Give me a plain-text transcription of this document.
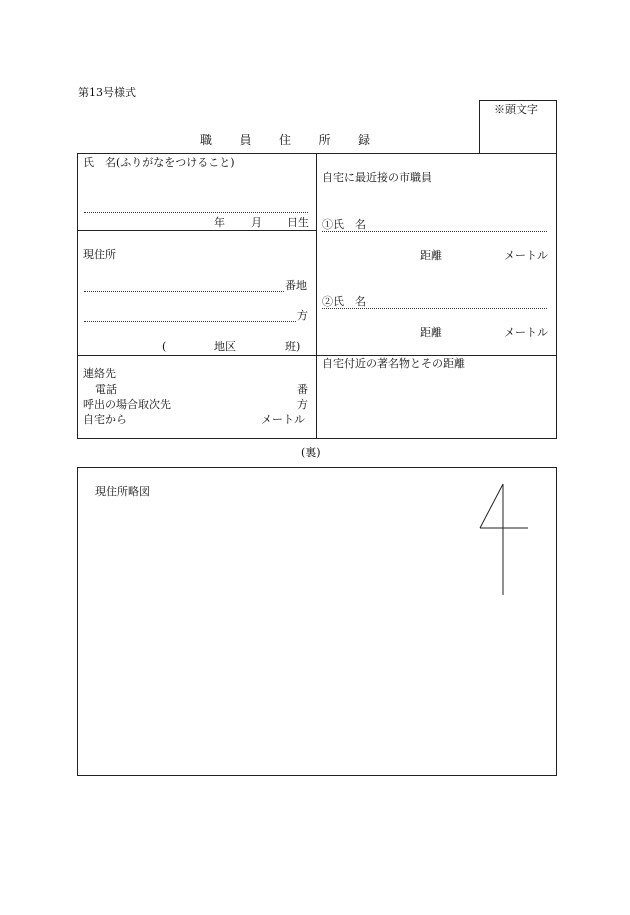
第13号様式
※頭文字
職 員 住 所 録
氏　名(ふりがなをつけること)
年 月 日生
現住所
番地
方
(	地区	班)
連絡先
電話	番
呼出の場合取次先	方
自宅から	メートル
自宅に最近接の市職員
①氏　名
距離	メートル
②氏　名
距離	メートル
自宅付近の著名物とその距離
(裏)
現住所略図
